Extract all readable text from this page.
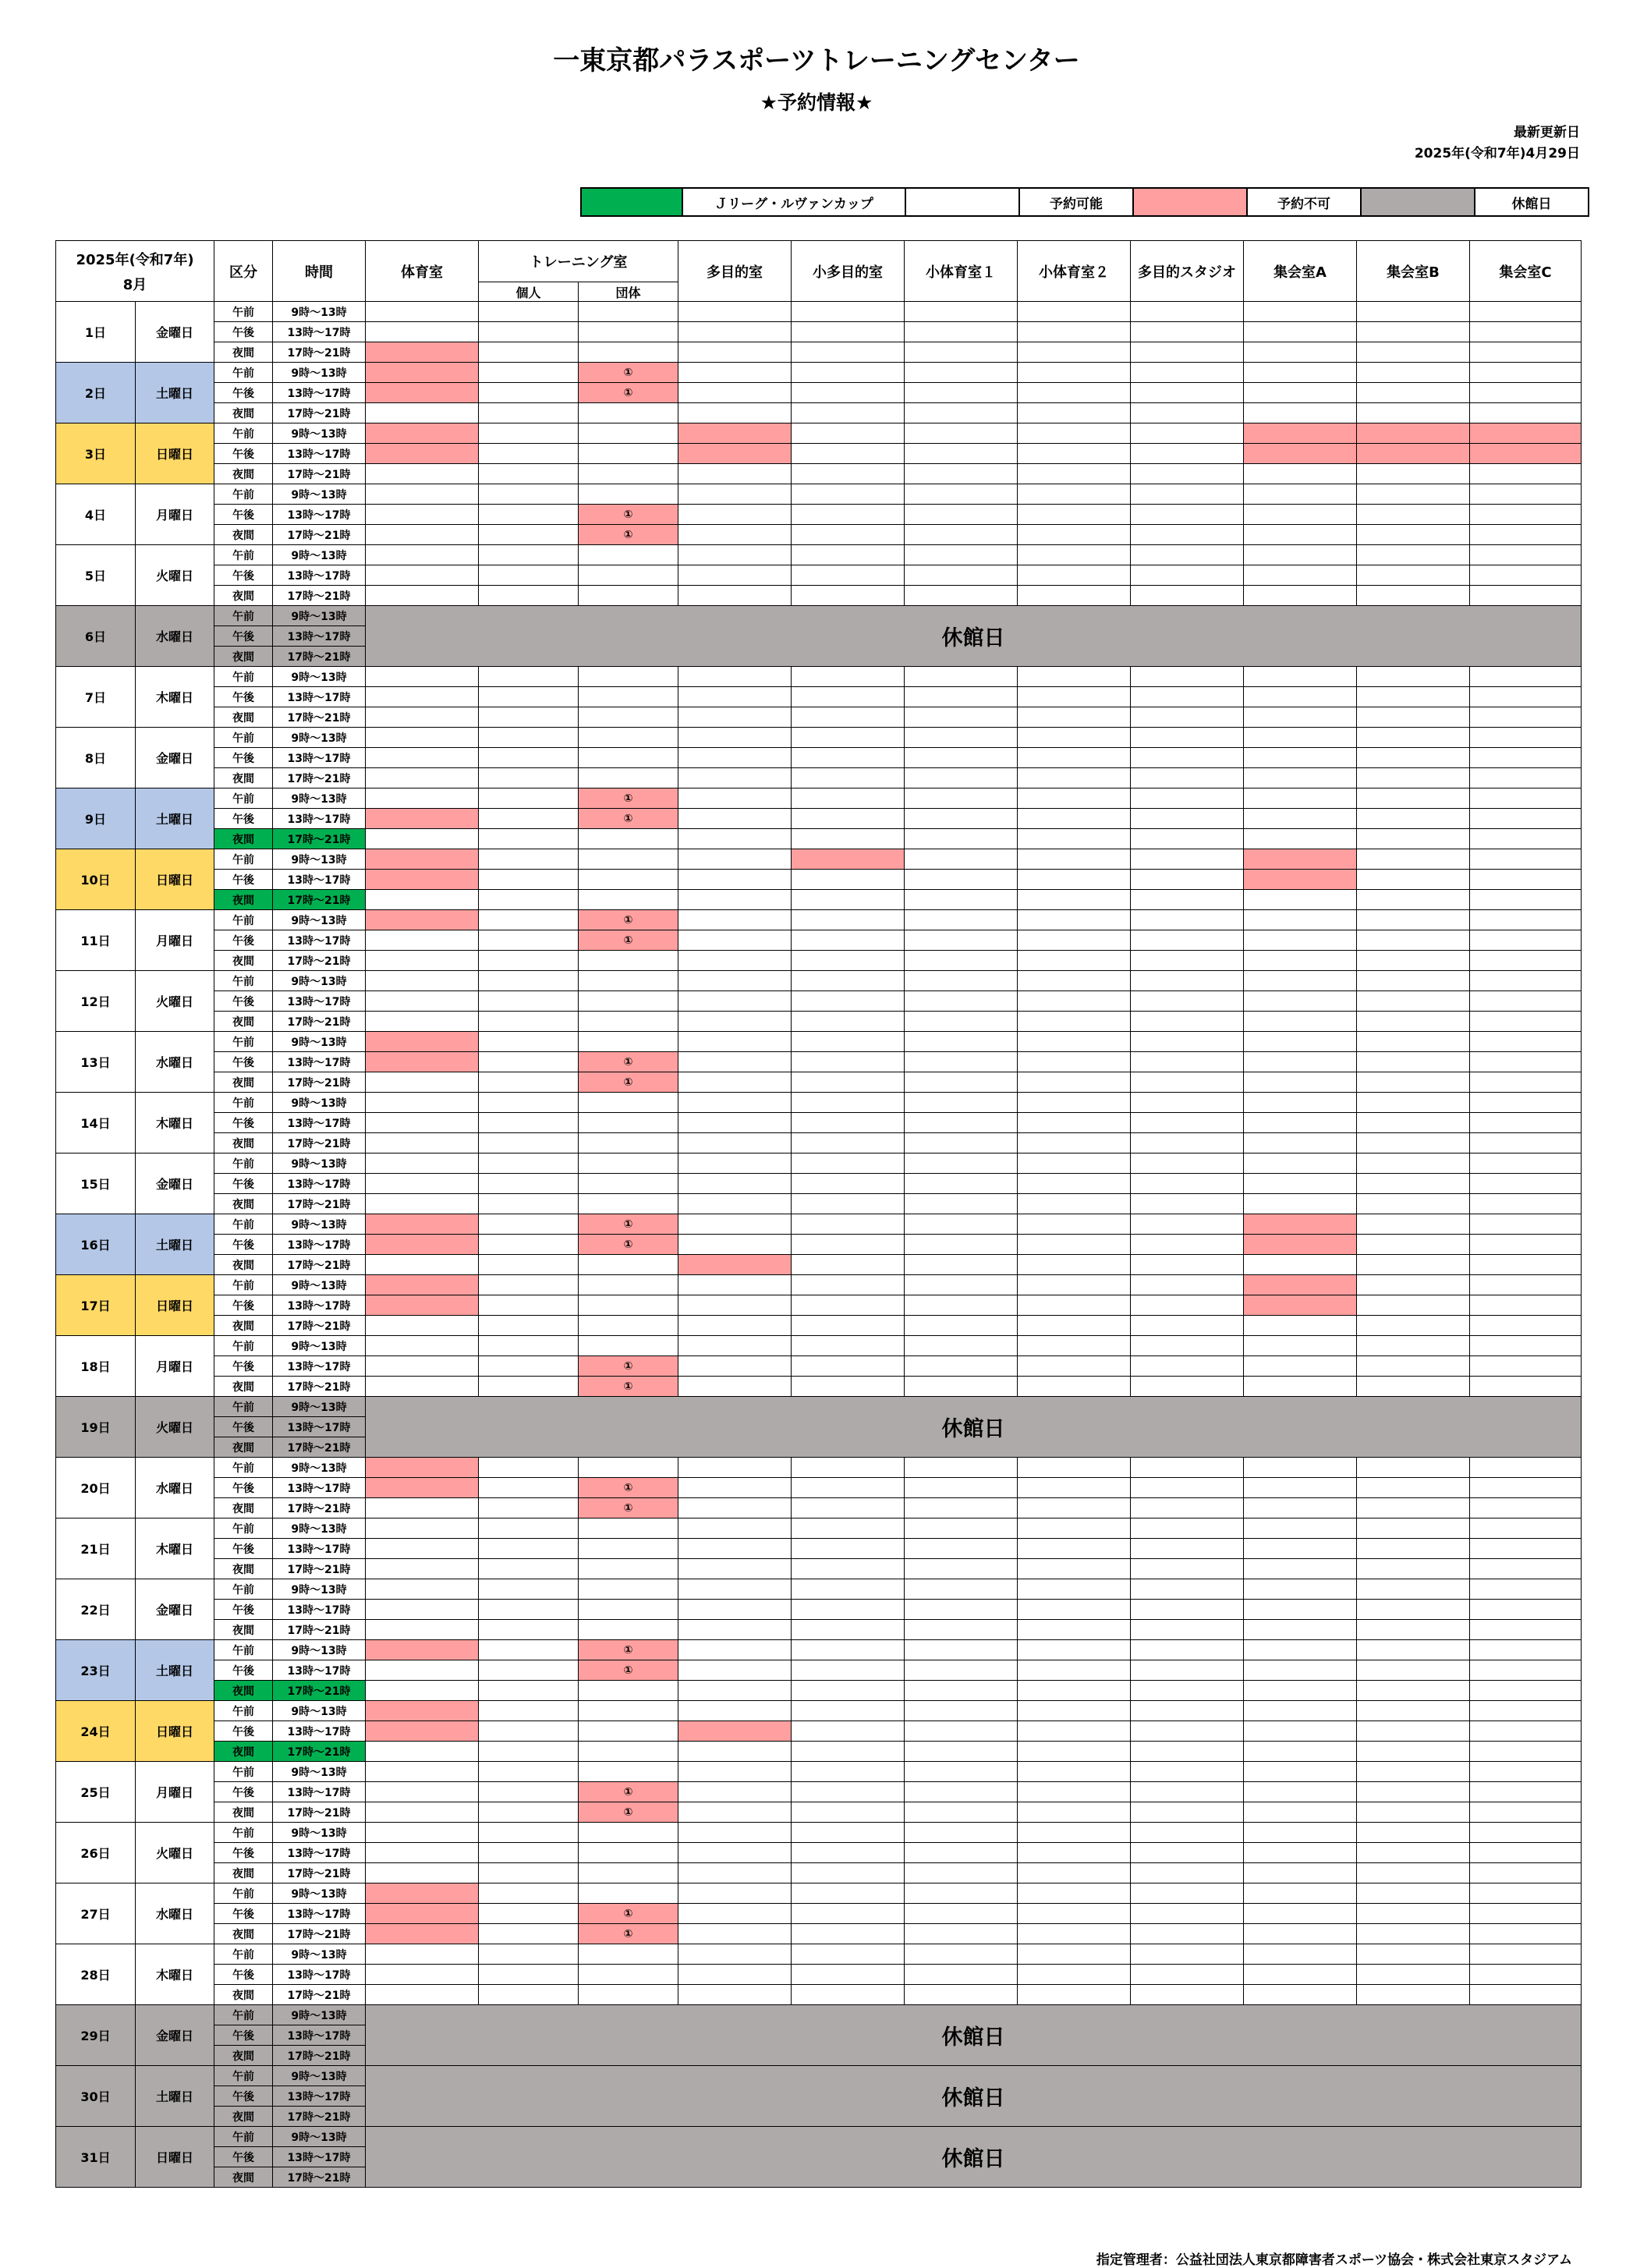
一東京都パラスポーツトレーニングセンター
★予約情報★
最新更新日
2025年(令和7年)4月29日
	Ｊリーグ・ルヴァンカップ		予約可能		予約不可		休館日
2025年(令和7年)
8月		区分	時間	体育室	トレーニング室		多目的室	小多目的室	小体育室１	小体育室２	多目的スタジオ	集会室A	集会室B	集会室C
					個人	団体								
1日	金曜日	午前	9時～13時											
		午後	13時～17時											
		夜間	17時～21時											
2日	土曜日	午前	9時～13時			①								
		午後	13時～17時			①								
		夜間	17時～21時											
3日	日曜日	午前	9時～13時											
		午後	13時～17時											
		夜間	17時～21時											
4日	月曜日	午前	9時～13時											
		午後	13時～17時			①								
		夜間	17時～21時			①								
5日	火曜日	午前	9時～13時											
		午後	13時～17時											
		夜間	17時～21時											
6日	水曜日	午前	9時～13時	休館日										
		午後	13時～17時											
		夜間	17時～21時											
7日	木曜日	午前	9時～13時											
		午後	13時～17時											
		夜間	17時～21時											
8日	金曜日	午前	9時～13時											
		午後	13時～17時											
		夜間	17時～21時											
9日	土曜日	午前	9時～13時			①								
		午後	13時～17時			①								
		夜間	17時～21時											
10日	日曜日	午前	9時～13時											
		午後	13時～17時											
		夜間	17時～21時											
11日	月曜日	午前	9時～13時			①								
		午後	13時～17時			①								
		夜間	17時～21時											
12日	火曜日	午前	9時～13時											
		午後	13時～17時											
		夜間	17時～21時											
13日	水曜日	午前	9時～13時											
		午後	13時～17時			①								
		夜間	17時～21時			①								
14日	木曜日	午前	9時～13時											
		午後	13時～17時											
		夜間	17時～21時											
15日	金曜日	午前	9時～13時											
		午後	13時～17時											
		夜間	17時～21時											
16日	土曜日	午前	9時～13時			①								
		午後	13時～17時			①								
		夜間	17時～21時											
17日	日曜日	午前	9時～13時											
		午後	13時～17時											
		夜間	17時～21時											
18日	月曜日	午前	9時～13時											
		午後	13時～17時			①								
		夜間	17時～21時			①								
19日	火曜日	午前	9時～13時	休館日										
		午後	13時～17時											
		夜間	17時～21時											
20日	水曜日	午前	9時～13時											
		午後	13時～17時			①								
		夜間	17時～21時			①								
21日	木曜日	午前	9時～13時											
		午後	13時～17時											
		夜間	17時～21時											
22日	金曜日	午前	9時～13時											
		午後	13時～17時											
		夜間	17時～21時											
23日	土曜日	午前	9時～13時			①								
		午後	13時～17時			①								
		夜間	17時～21時											
24日	日曜日	午前	9時～13時											
		午後	13時～17時											
		夜間	17時～21時											
25日	月曜日	午前	9時～13時											
		午後	13時～17時			①								
		夜間	17時～21時			①								
26日	火曜日	午前	9時～13時											
		午後	13時～17時											
		夜間	17時～21時											
27日	水曜日	午前	9時～13時											
		午後	13時～17時			①								
		夜間	17時～21時			①								
28日	木曜日	午前	9時～13時											
		午後	13時～17時											
		夜間	17時～21時											
29日	金曜日	午前	9時～13時	休館日										
		午後	13時～17時											
		夜間	17時～21時											
30日	土曜日	午前	9時～13時	休館日										
		午後	13時～17時											
		夜間	17時～21時											
31日	日曜日	午前	9時～13時	休館日										
		午後	13時～17時											
		夜間	17時～21時											
指定管理者：公益社団法人東京都障害者スポーツ協会・株式会社東京スタジアム
